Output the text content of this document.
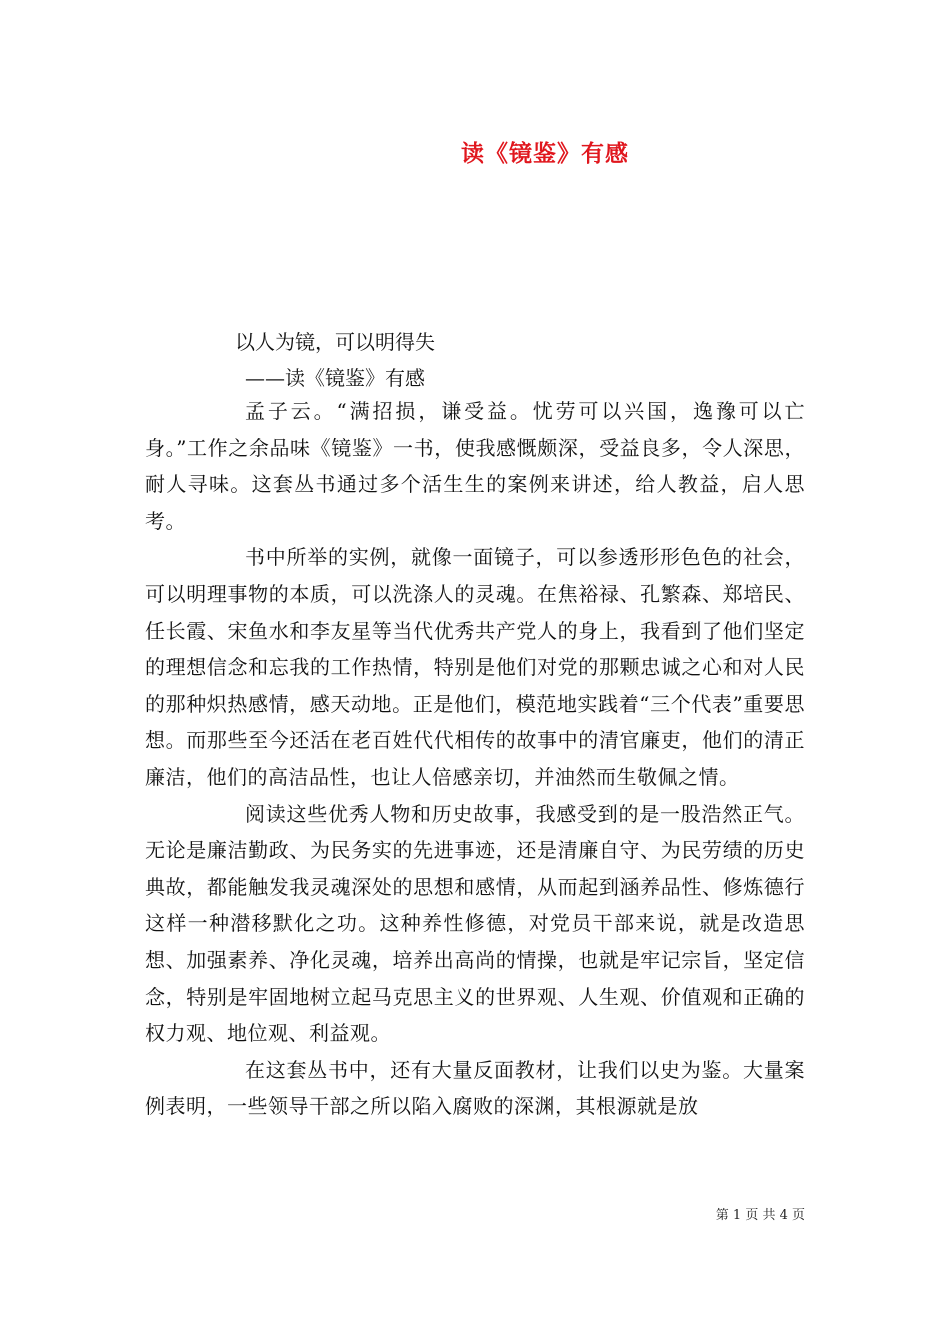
读《镜鉴》有感
以人为镜，可以明得失
——读《镜鉴》有感

孟子云。“满招损，谦受益。忧劳可以兴国，逸豫可以亡身。”工作之余品味《镜鉴》一书，使我感慨颇深，受益良多，令人深思，耐人寻味。这套丛书通过多个活生生的案例来讲述，给人教益，启人思考。

书中所举的实例，就像一面镜子，可以参透形形色色的社会，可以明理事物的本质，可以洗涤人的灵魂。在焦裕禄、孔繁森、郑培民、任长霞、宋鱼水和李友星等当代优秀共产党人的身上，我看到了他们坚定的理想信念和忘我的工作热情，特别是他们对党的那颗忠诚之心和对人民的那种炽热感情，感天动地。正是他们，模范地实践着“三个代表”重要思想。而那些至今还活在老百姓代代相传的故事中的清官廉吏，他们的清正廉洁，他们的高洁品性，也让人倍感亲切，并油然而生敬佩之情。

阅读这些优秀人物和历史故事，我感受到的是一股浩然正气。无论是廉洁勤政、为民务实的先进事迹，还是清廉自守、为民劳绩的历史典故，都能触发我灵魂深处的思想和感情，从而起到涵养品性、修炼德行这样一种潜移默化之功。这种养性修德，对党员干部来说，就是改造思想、加强素养、净化灵魂，培养出高尚的情操，也就是牢记宗旨，坚定信念，特别是牢固地树立起马克思主义的世界观、人生观、价值观和正确的权力观、地位观、利益观。

在这套丛书中，还有大量反面教材，让我们以史为鉴。大量案例表明，一些领导干部之所以陷入腐败的深渊，其根源就是放

第 1 页 共 4 页
